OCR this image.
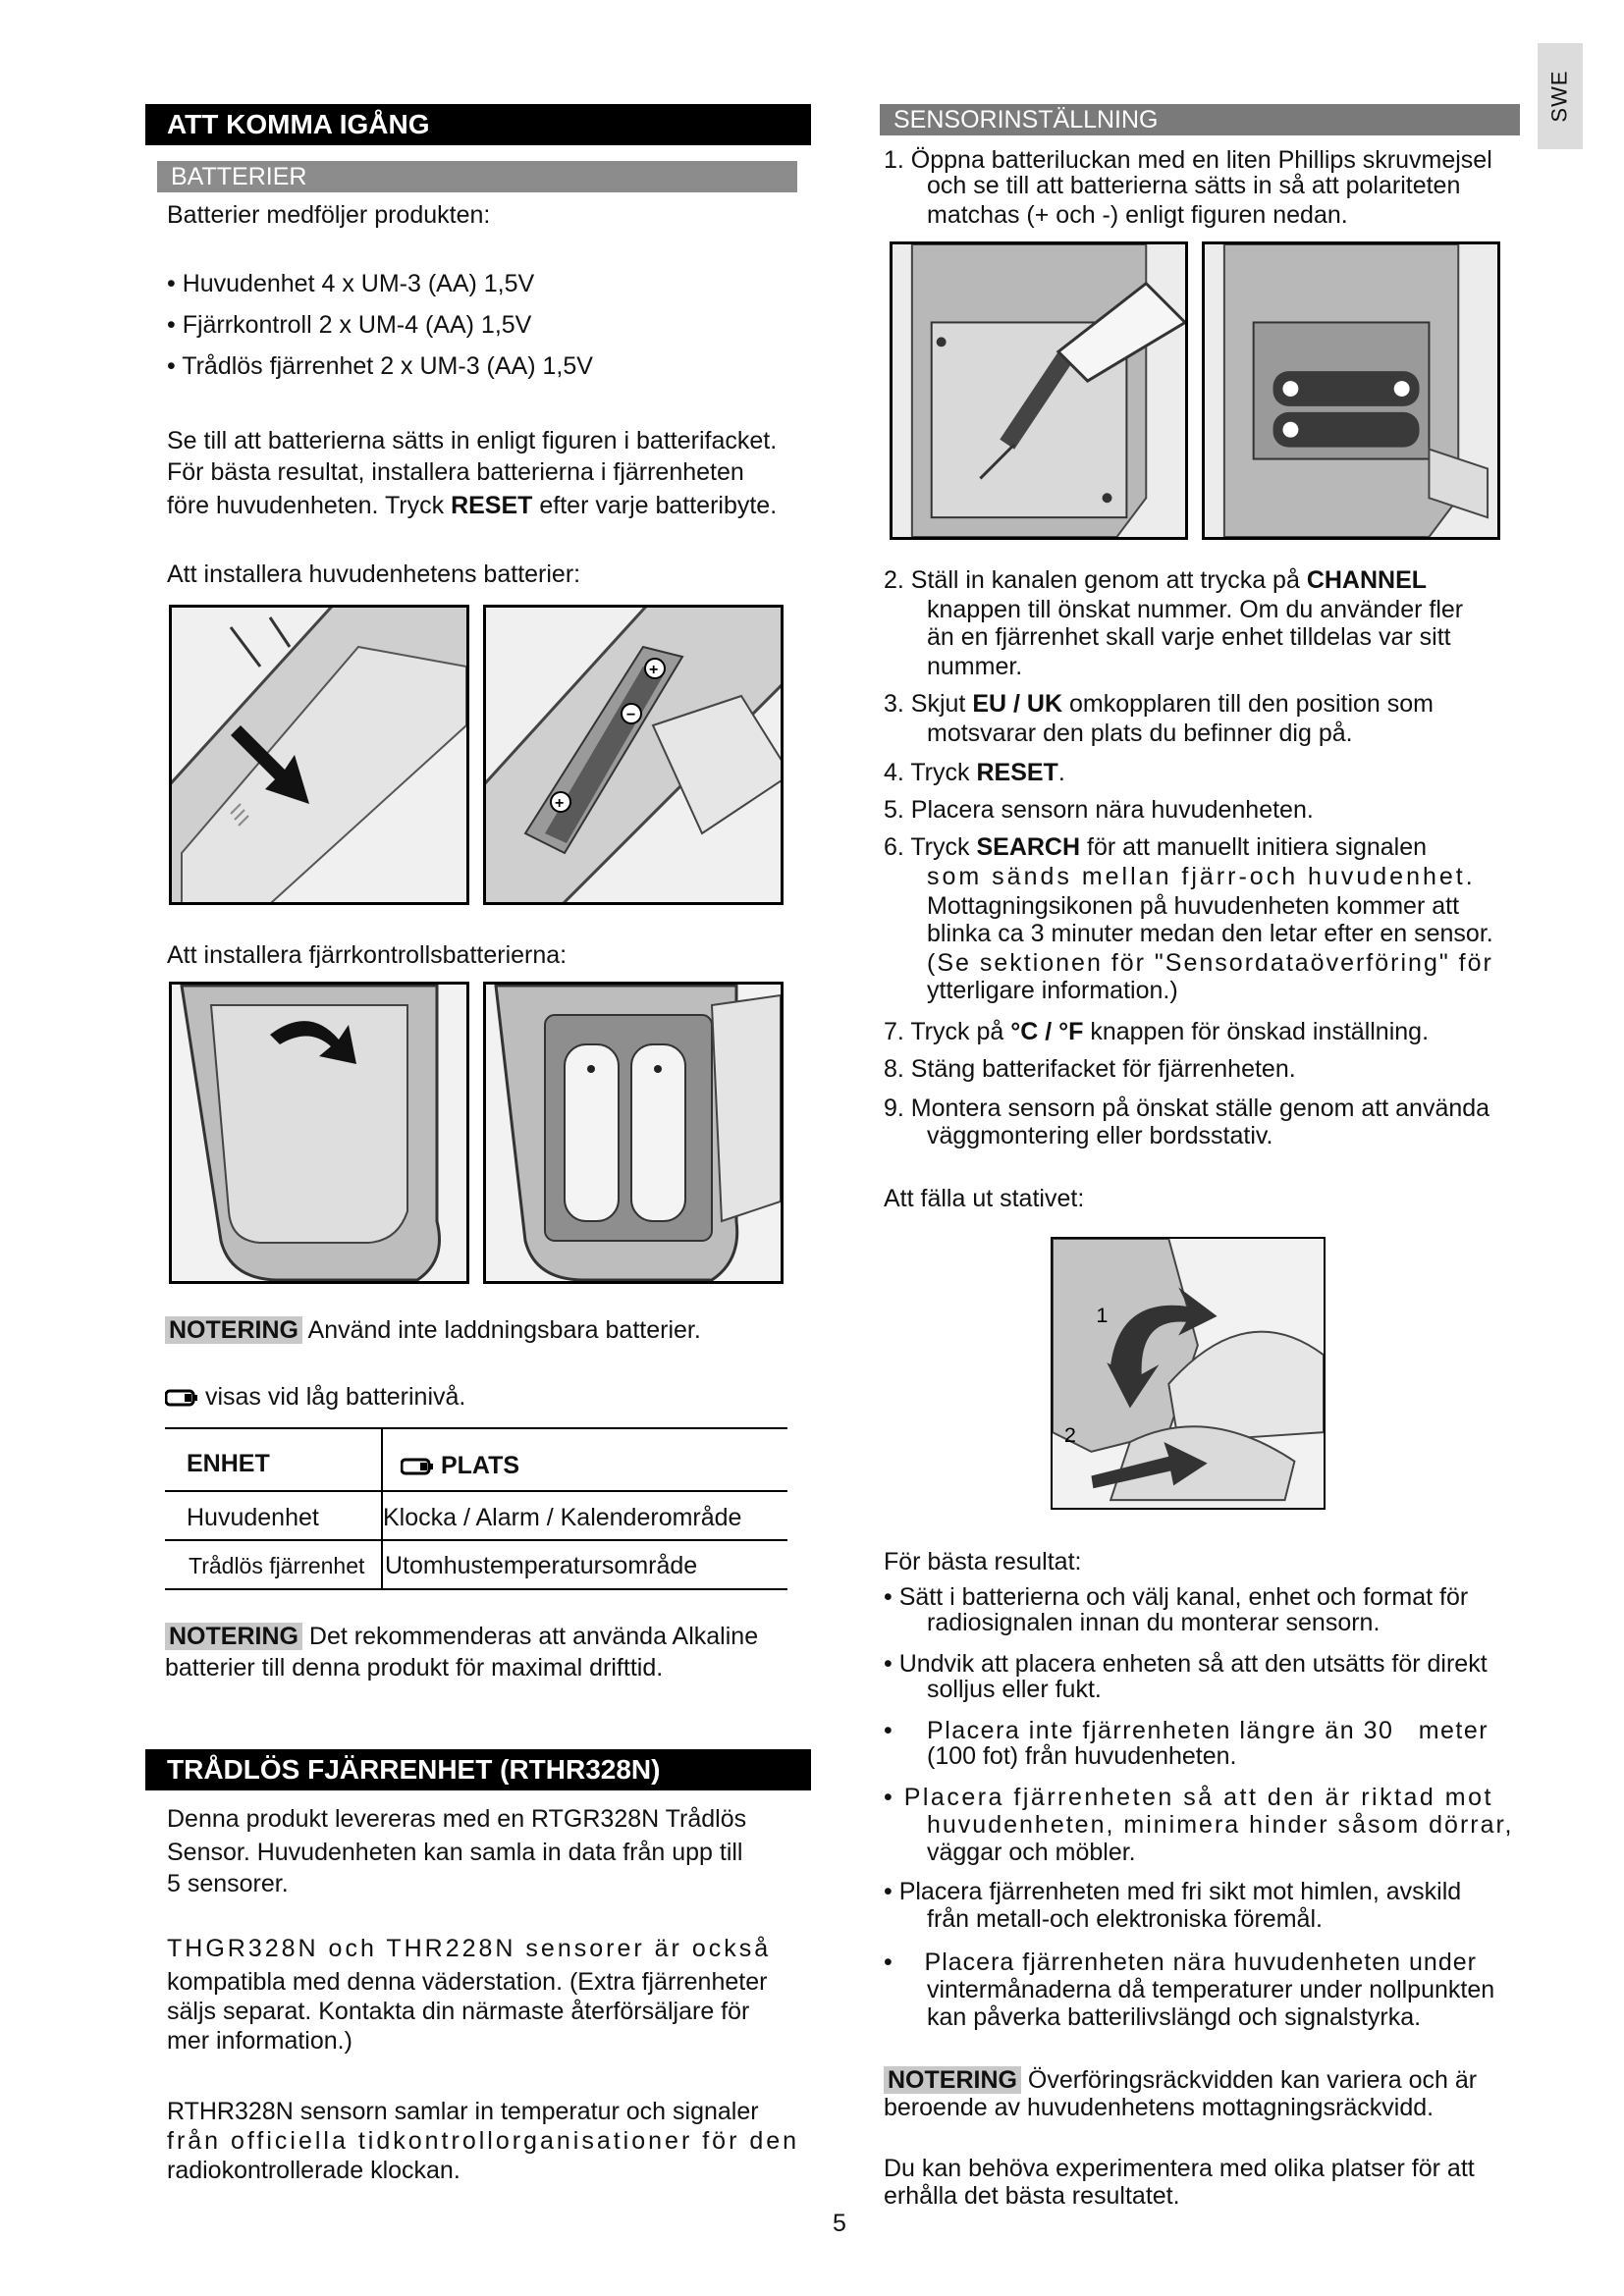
SWE
ATT KOMMA IGÅNG
BATTERIER
Batterier medföljer produkten:
• Huvudenhet 4 x UM-3 (AA) 1,5V
• Fjärrkontroll 2 x UM-4 (AA) 1,5V
• Trådlös fjärrenhet 2 x UM-3 (AA) 1,5V
Se till att batterierna sätts in enligt figuren i batterifacket.
För bästa resultat, installera batterierna i fjärrenheten
före huvudenheten. Tryck RESET efter varje batteribyte.
Att installera huvudenhetens batterier:
+
−
+
Att installera fjärrkontrollsbatterierna:
NOTERING Använd inte laddningsbara batterier.
visas vid låg batterinivå.
ENHET	PLATS
Huvudenhet	Klocka / Alarm / Kalenderområde
Trådlös fjärrenhet Utomhustemperatursområde
NOTERING Det rekommenderas att använda Alkaline
batterier till denna produkt för maximal drifttid.
TRÅDLÖS FJÄRRENHET (RTHR328N)
Denna produkt levereras med en RTGR328N Trådlös
Sensor. Huvudenheten kan samla in data från upp till
5 sensorer.
THGR328N och THR228N sensorer är också
kompatibla med denna väderstation. (Extra fjärrenheter
säljs separat. Kontakta din närmaste återförsäljare för
mer information.)
RTHR328N sensorn samlar in temperatur och signaler
från officiella tidkontrollorganisationer för den
radiokontrollerade klockan.
SENSORINSTÄLLNING
1. Öppna batteriluckan med en liten Phillips skruvmejsel
och se till att batterierna sätts in så att polariteten
matchas (+ och -) enligt figuren nedan.
2. Ställ in kanalen genom att trycka på CHANNEL
knappen till önskat nummer. Om du använder fler
än en fjärrenhet skall varje enhet tilldelas var sitt
nummer.
3. Skjut EU / UK omkopplaren till den position som
motsvarar den plats du befinner dig på.
4. Tryck RESET.
5. Placera sensorn nära huvudenheten.
6. Tryck SEARCH för att manuellt initiera signalen
som sänds mellan fjärr-och huvudenhet.
Mottagningsikonen på huvudenheten kommer att
blinka ca 3 minuter medan den letar efter en sensor.
(Se sektionen för "Sensordataöverföring" för
ytterligare information.)
7. Tryck på °C / °F knappen för önskad inställning.
8. Stäng batterifacket för fjärrenheten.
9. Montera sensorn på önskat ställe genom att använda
väggmontering eller bordsstativ.
Att fälla ut stativet:
1
2
För bästa resultat:
• Sätt i batterierna och välj kanal, enhet och format för
radiosignalen innan du monterar sensorn.
• Undvik att placera enheten så att den utsätts för direkt
solljus eller fukt.
•    Placera inte fjärrenheten längre än 30   meter
(100 fot) från huvudenheten.
• Placera fjärrenheten så att den är riktad mot
huvudenheten, minimera hinder såsom dörrar,
väggar och möbler.
• Placera fjärrenheten med fri sikt mot himlen, avskild
från metall-och elektroniska föremål.
•    Placera fjärrenheten nära huvudenheten under
vintermånaderna då temperaturer under nollpunkten
kan påverka batterilivslängd och signalstyrka.
NOTERING Överföringsräckvidden kan variera och är
beroende av huvudenhetens mottagningsräckvidd.
Du kan behöva experimentera med olika platser för att
erhålla det bästa resultatet.
5
